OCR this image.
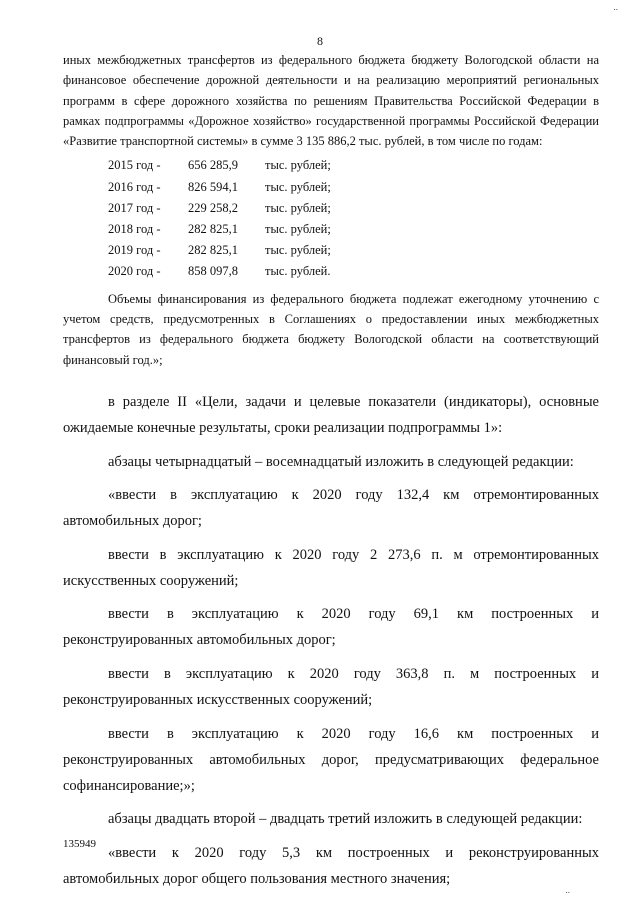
..
8

иных межбюджетных трансфертов из федерального бюджета бюджету Вологодской области на финансовое обеспечение дорожной деятельности и на реализацию мероприятий региональных программ в сфере дорожного хозяйства по решениям Правительства Российской Федерации в рамках подпрограммы «Дорожное хозяйство» государственной программы Российской Федерации «Развитие транспортной системы» в сумме 3 135 886,2 тыс. рублей, в том числе по годам:

2015 год -	656 285,9	тыс. рублей;
2016 год -	826 594,1	тыс. рублей;
2017 год -	229 258,2	тыс. рублей;
2018 год -	282 825,1	тыс. рублей;
2019 год -	282 825,1	тыс. рублей;
2020 год -	858 097,8	тыс. рублей.

Объемы финансирования из федерального бюджета подлежат ежегодному уточнению с учетом средств, предусмотренных в Соглашениях о предоставлении иных межбюджетных трансфертов из федерального бюджета бюджету Вологодской области на соответствующий финансовый год.»;

в разделе II «Цели, задачи и целевые показатели (индикаторы), основные ожидаемые конечные результаты, сроки реализации подпрограммы 1»:

абзацы четырнадцатый – восемнадцатый изложить в следующей редакции:

«ввести в эксплуатацию к 2020 году 132,4 км отремонтированных автомобильных дорог;

ввести в эксплуатацию к 2020 году 2 273,6 п. м отремонтированных искусственных сооружений;

ввести в эксплуатацию к 2020 году 69,1 км построенных и реконструированных автомобильных дорог;

ввести в эксплуатацию к 2020 году 363,8 п. м построенных и реконструированных искусственных сооружений;

ввести в эксплуатацию к 2020 году 16,6 км построенных и реконструированных автомобильных дорог, предусматривающих федеральное софинансирование;»;

абзацы двадцать второй – двадцать третий изложить в следующей редакции:

«ввести к 2020 году 5,3 км построенных и реконструированных автомобильных дорог общего пользования местного значения;

135949
..
